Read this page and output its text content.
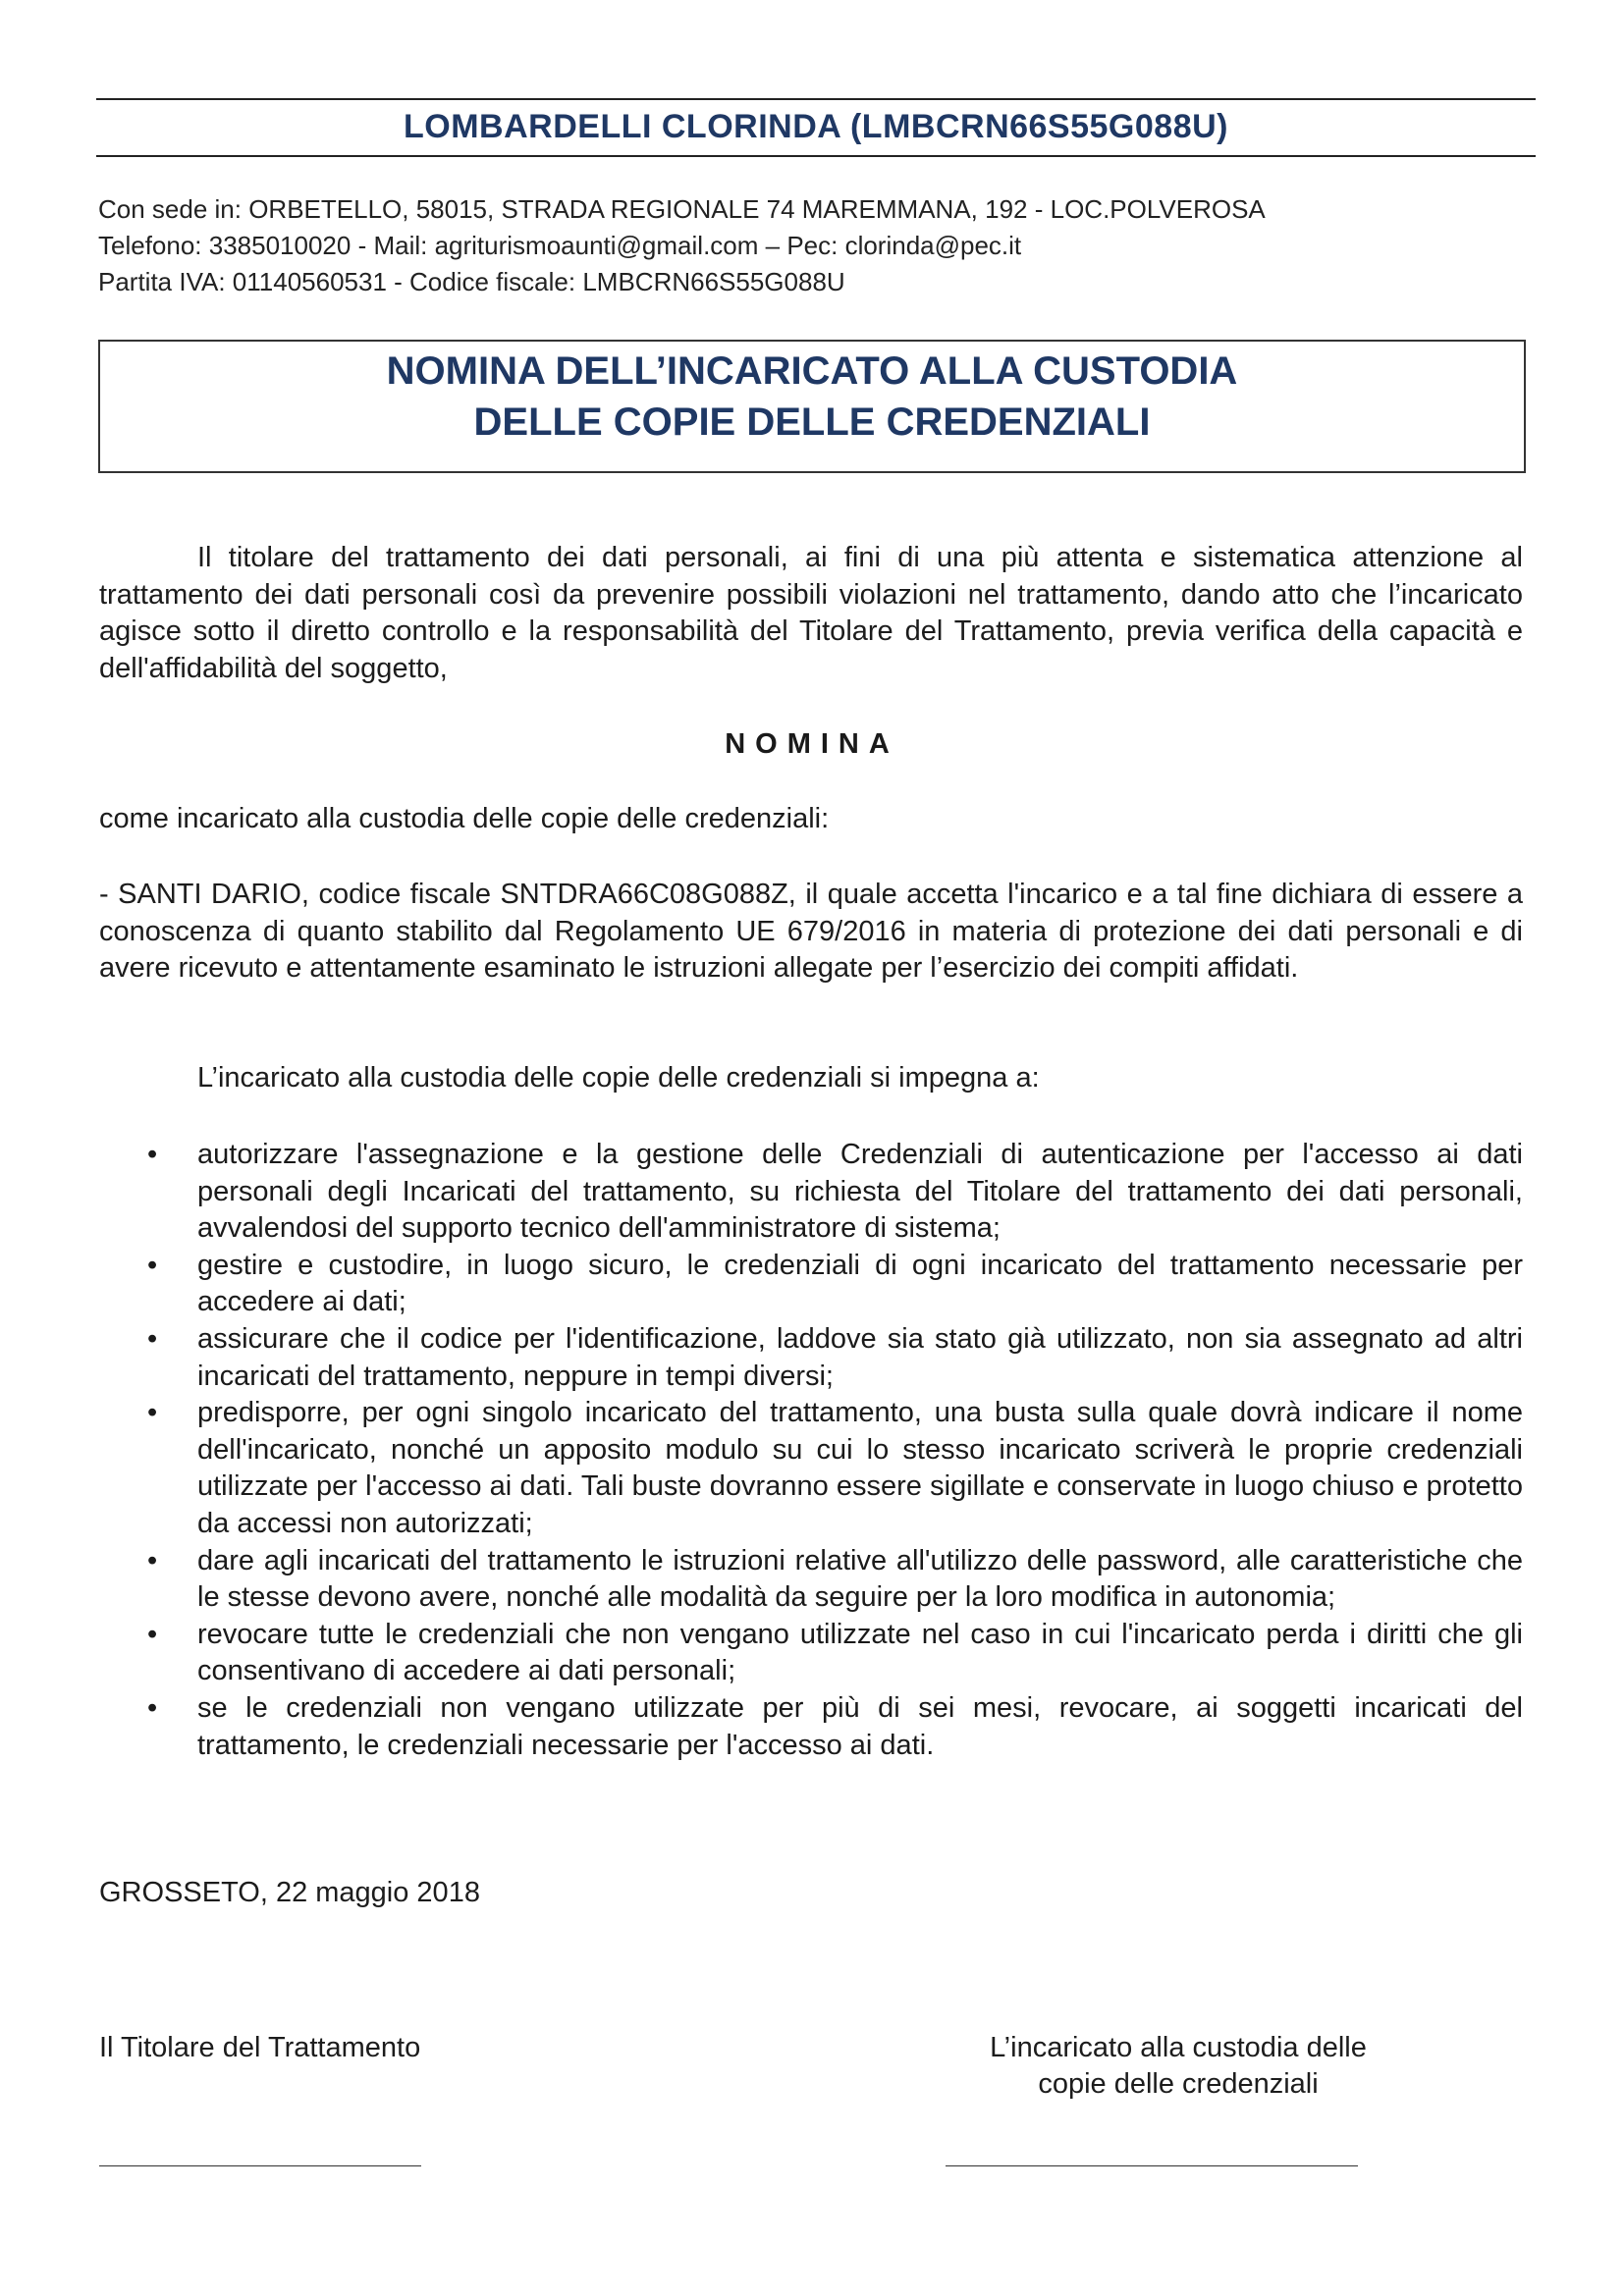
LOMBARDELLI CLORINDA (LMBCRN66S55G088U)
Con sede in: ORBETELLO, 58015, STRADA REGIONALE 74 MAREMMANA, 192 - LOC.POLVEROSA
Telefono: 3385010020 - Mail: agriturismoaunti@gmail.com – Pec: clorinda@pec.it
Partita IVA: 01140560531 - Codice fiscale: LMBCRN66S55G088U
NOMINA DELL’INCARICATO ALLA CUSTODIA
DELLE COPIE DELLE CREDENZIALI
Il titolare del trattamento dei dati personali, ai fini di una più attenta e sistematica attenzione al trattamento dei dati personali così da prevenire possibili violazioni nel trattamento, dando atto che l’incaricato agisce sotto il diretto controllo e la responsabilità del Titolare del Trattamento, previa verifica della capacità e dell'affidabilità del soggetto,
NOMINA
come incaricato alla custodia delle copie delle credenziali:
- SANTI DARIO, codice fiscale SNTDRA66C08G088Z, il quale accetta l'incarico e a tal fine dichiara di essere a conoscenza di quanto stabilito dal Regolamento UE 679/2016 in materia di protezione dei dati personali e di avere ricevuto e attentamente esaminato le istruzioni allegate per l’esercizio dei compiti affidati.
L’incaricato alla custodia delle copie delle credenziali si impegna a:
•	autorizzare l'assegnazione e la gestione delle Credenziali di autenticazione per l'accesso ai dati personali degli Incaricati del trattamento, su richiesta del Titolare del trattamento dei dati personali, avvalendosi del supporto tecnico dell'amministratore di sistema;
•	gestire e custodire, in luogo sicuro, le credenziali di ogni incaricato del trattamento necessarie per accedere ai dati;
•	assicurare che il codice per l'identificazione, laddove sia stato già utilizzato, non sia assegnato ad altri incaricati del trattamento, neppure in tempi diversi;
•	predisporre, per ogni singolo incaricato del trattamento, una busta sulla quale dovrà indicare il nome dell'incaricato, nonché un apposito modulo su cui lo stesso incaricato scriverà le proprie credenziali utilizzate per l'accesso ai dati. Tali buste dovranno essere sigillate e conservate in luogo chiuso e protetto da accessi non autorizzati;
•	dare agli incaricati del trattamento le istruzioni relative all'utilizzo delle password, alle caratteristiche che le stesse devono avere, nonché alle modalità da seguire per la loro modifica in autonomia;
•	revocare tutte le credenziali che non vengano utilizzate nel caso in cui l'incaricato perda i diritti che gli consentivano di accedere ai dati personali;
•	se le credenziali non vengano utilizzate per più di sei mesi, revocare, ai soggetti incaricati del trattamento, le credenziali necessarie per l'accesso ai dati.
GROSSETO, 22 maggio 2018
Il Titolare del Trattamento	L’incaricato alla custodia delle
copie delle credenziali
